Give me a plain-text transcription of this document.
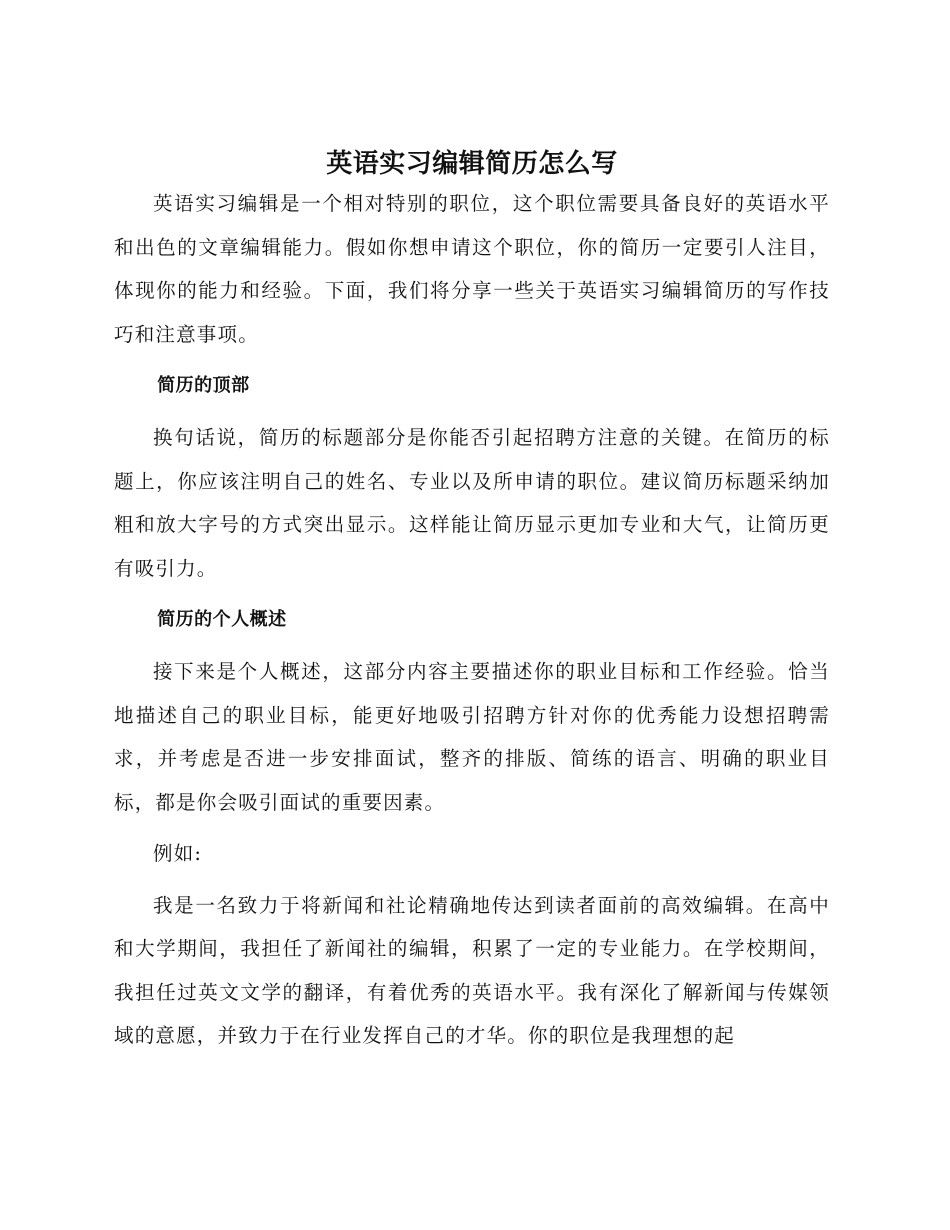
英语实习编辑简历怎么写

英语实习编辑是一个相对特别的职位，这个职位需要具备良好的英语水平和出色的文章编辑能力。假如你想申请这个职位，你的简历一定要引人注目，体现你的能力和经验。下面，我们将分享一些关于英语实习编辑简历的写作技巧和注意事项。

简历的顶部

换句话说，简历的标题部分是你能否引起招聘方注意的关键。在简历的标题上，你应该注明自己的姓名、专业以及所申请的职位。建议简历标题采纳加粗和放大字号的方式突出显示。这样能让简历显示更加专业和大气，让简历更有吸引力。

简历的个人概述

接下来是个人概述，这部分内容主要描述你的职业目标和工作经验。恰当地描述自己的职业目标，能更好地吸引招聘方针对你的优秀能力设想招聘需求，并考虑是否进一步安排面试，整齐的排版、简练的语言、明确的职业目标，都是你会吸引面试的重要因素。

例如:

我是一名致力于将新闻和社论精确地传达到读者面前的高效编辑。在高中和大学期间，我担任了新闻社的编辑，积累了一定的专业能力。在学校期间，我担任过英文文学的翻译，有着优秀的英语水平。我有深化了解新闻与传媒领域的意愿，并致力于在行业发挥自己的才华。你的职位是我理想的起
